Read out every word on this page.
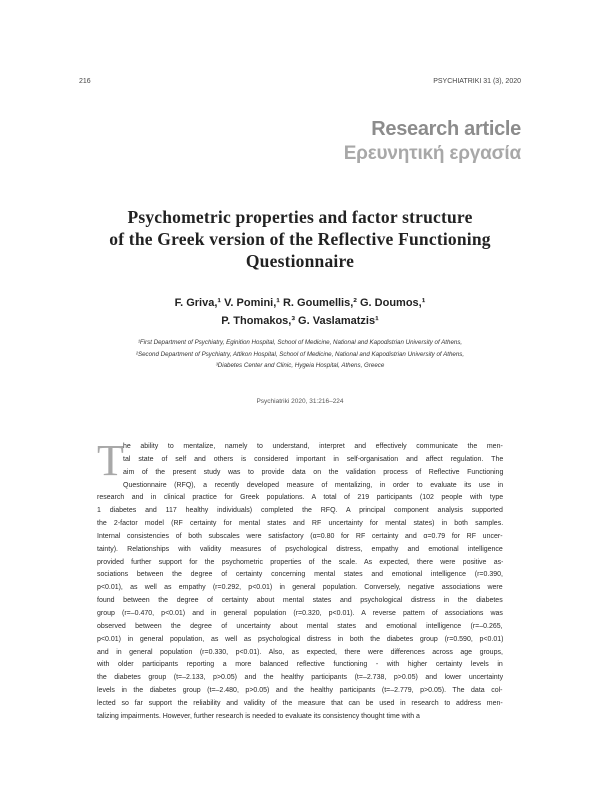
216	PSYCHIATRIKI 31 (3), 2020
Research article
Ερευνητική εργασία
Psychometric properties and factor structure
of the Greek version of the Reflective Functioning
Questionnaire
F. Griva,¹ V. Pomini,¹ R. Goumellis,² G. Doumos,¹
P. Thomakos,³ G. Vaslamatzis¹
¹First Department of Psychiatry, Eginition Hospital, School of Medicine, National and Kapodistrian University of Athens,
²Second Department of Psychiatry, Attikon Hospital, School of Medicine, National and Kapodistrian University of Athens,
³Diabetes Center and Clinic, Hygeia Hospital, Athens, Greece
Psychiatriki 2020, 31:216–224
T he ability to mentalize, namely to understand, interpret and effectively communicate the men-
tal state of self and others is considered important in self-organisation and affect regulation. The
aim of the present study was to provide data on the validation process of Reflective Functioning
Questionnaire (RFQ), a recently developed measure of mentalizing, in order to evaluate its use in
research and in clinical practice for Greek populations. A total of 219 participants (102 people with type
1 diabetes and 117 healthy individuals) completed the RFQ. A principal component analysis supported
the 2-factor model (RF certainty for mental states and RF uncertainty for mental states) in both samples.
Internal consistencies of both subscales were satisfactory (α=0.80 for RF certainty and α=0.79 for RF uncer-
tainty). Relationships with validity measures of psychological distress, empathy and emotional intelligence
provided further support for the psychometric properties of the scale. As expected, there were positive as-
sociations between the degree of certainty concerning mental states and emotional intelligence (r=0.390,
p<0.01), as well as empathy (r=0.292, p<0.01) in general population. Conversely, negative associations were
found between the degree of certainty about mental states and psychological distress in the diabetes
group (r=–0.470, p<0.01) and in general population (r=0.320, p<0.01). A reverse pattern of associations was
observed between the degree of uncertainty about mental states and emotional intelligence (r=–0.265,
p<0.01) in general population, as well as psychological distress in both the diabetes group (r=0.590, p<0.01)
and in general population (r=0.330, p<0.01). Also, as expected, there were differences across age groups,
with older participants reporting a more balanced reflective functioning - with higher certainty levels in
the diabetes group (t=–2.133, p>0.05) and the healthy participants (t=–2.738, p>0.05) and lower uncertainty
levels in the diabetes group (t=–2.480, p>0.05) and the healthy participants (t=–2.779, p>0.05). The data col-
lected so far support the reliability and validity of the measure that can be used in research to address men-
talizing impairments. However, further research is needed to evaluate its consistency thought time with a
